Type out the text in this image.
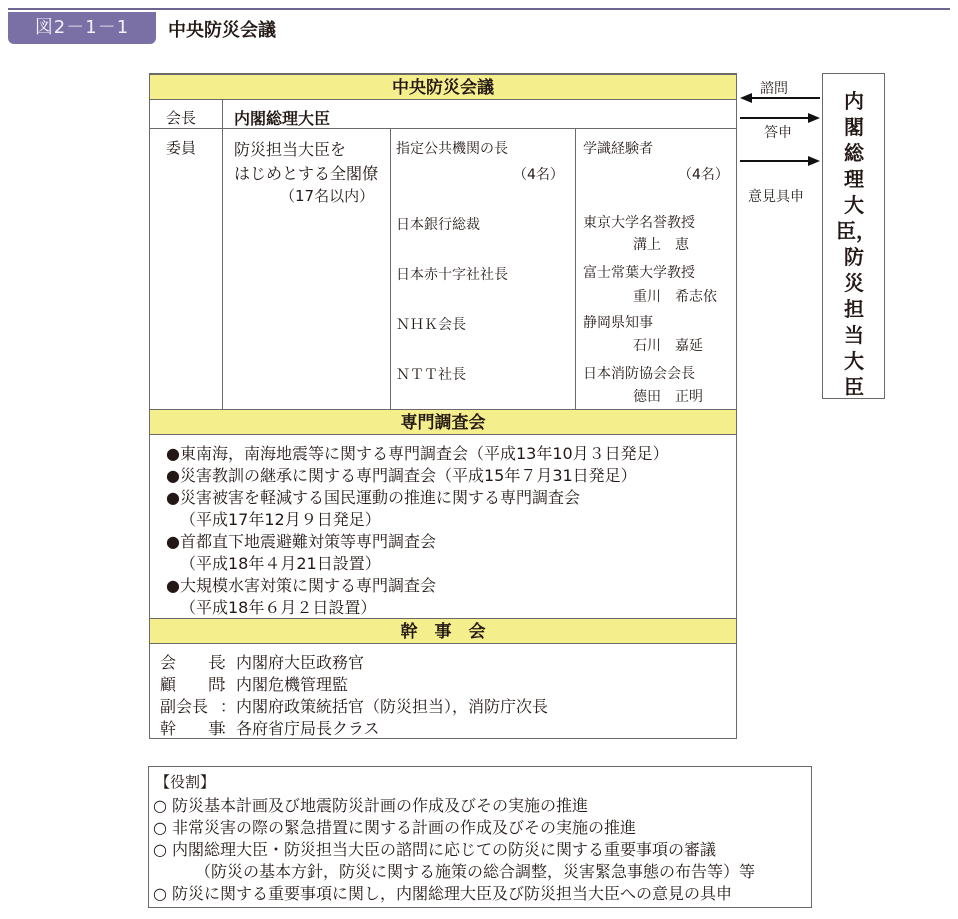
図2－1－1	中央防災会議
中央防災会議
会長 内閣総理大臣
委員 防災担当大臣を
はじめとする全閣僚
（17名以内）
指定公共機関の長
（4名）
日本銀行総裁
日本赤十字社社長
ＮＨＫ会長
ＮＴＴ社長
学識経験者
（4名）
東京大学名誉教授
溝上　恵
富士常葉大学教授
重川　希志依
静岡県知事
石川　嘉延
日本消防協会会長
德田　正明
専門調査会
●東南海，南海地震等に関する専門調査会（平成13年10月３日発足）
●災害教訓の継承に関する専門調査会（平成15年７月31日発足）
●災害被害を軽減する国民運動の推進に関する専門調査会
（平成17年12月９日発足）
●首都直下地震避難対策等専門調査会
（平成18年４月21日設置）
●大規模水害対策に関する専門調査会
（平成18年６月２日設置）
幹　事　会
会　　長
：内閣府大臣政務官
顧　　問
：内閣危機管理監
副会長 ：内閣府政策統括官（防災担当），消防庁次長
幹　　事
：各府省庁局長クラス
諮問
答申
意見具申
内閣総理大臣，防災担当大臣
【役割】
○ 防災基本計画及び地震防災計画の作成及びその実施の推進
○ 非常災害の際の緊急措置に関する計画の作成及びその実施の推進
○ 内閣総理大臣・防災担当大臣の諮問に応じての防災に関する重要事項の審議
（防災の基本方針，防災に関する施策の総合調整，災害緊急事態の布告等）等
○ 防災に関する重要事項に関し，内閣総理大臣及び防災担当大臣への意見の具申
